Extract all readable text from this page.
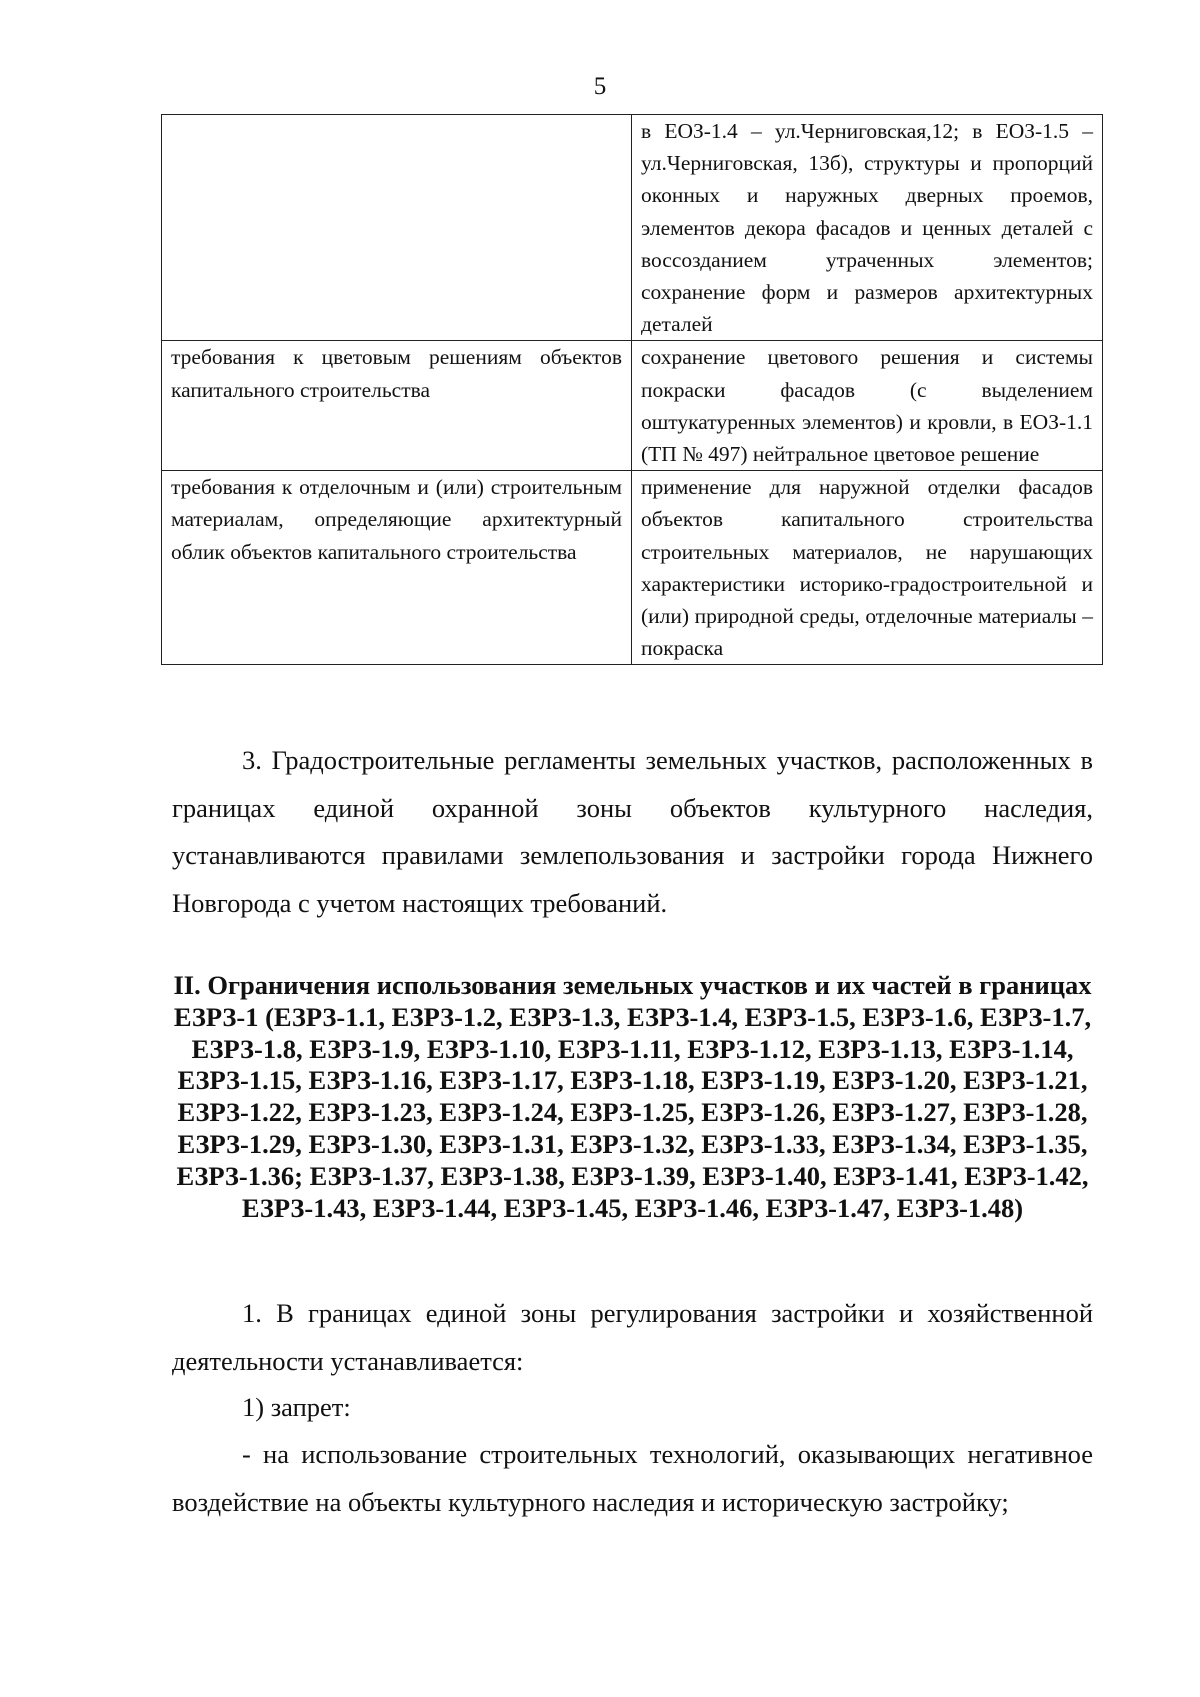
5
	в ЕОЗ-1.4 – ул.Черниговская,12; в ЕОЗ-1.5 – ул.Черниговская, 13б), структуры и пропорций оконных и наружных дверных проемов, элементов декора фасадов и ценных деталей с воссозданием утраченных элементов; сохранение форм и размеров архитектурных деталей
требования к цветовым решениям объектов капитального строительства	сохранение цветового решения и системы покраски фасадов (с выделением оштукатуренных элементов) и кровли, в ЕОЗ-1.1 (ТП № 497) нейтральное цветовое решение
требования к отделочным и (или) строительным материалам, определяющие архитектурный облик объектов капитального строительства	применение для наружной отделки фасадов объектов капитального строительства строительных материалов, не нарушающих характеристики историко-градостроительной и (или) природной среды, отделочные материалы – покраска

3. Градостроительные регламенты земельных участков, расположенных в границах единой охранной зоны объектов культурного наследия, устанавливаются правилами землепользования и застройки города Нижнего Новгорода с учетом настоящих требований.

II. Ограничения использования земельных участков и их частей в границах ЕЗРЗ-1 (ЕЗРЗ-1.1, ЕЗРЗ-1.2, ЕЗРЗ-1.3, ЕЗРЗ-1.4, ЕЗРЗ-1.5, ЕЗРЗ-1.6, ЕЗРЗ-1.7, ЕЗРЗ-1.8, ЕЗРЗ-1.9, ЕЗРЗ-1.10, ЕЗРЗ-1.11, ЕЗРЗ-1.12, ЕЗРЗ-1.13, ЕЗРЗ-1.14, ЕЗРЗ-1.15, ЕЗРЗ-1.16, ЕЗРЗ-1.17, ЕЗРЗ-1.18, ЕЗРЗ-1.19, ЕЗРЗ-1.20, ЕЗРЗ-1.21, ЕЗРЗ-1.22, ЕЗРЗ-1.23, ЕЗРЗ-1.24, ЕЗРЗ-1.25, ЕЗРЗ-1.26, ЕЗРЗ-1.27, ЕЗРЗ-1.28, ЕЗРЗ-1.29, ЕЗРЗ-1.30, ЕЗРЗ-1.31, ЕЗРЗ-1.32, ЕЗРЗ-1.33, ЕЗРЗ-1.34, ЕЗРЗ-1.35, ЕЗРЗ-1.36; ЕЗРЗ-1.37, ЕЗРЗ-1.38, ЕЗРЗ-1.39, ЕЗРЗ-1.40, ЕЗРЗ-1.41, ЕЗРЗ-1.42, ЕЗРЗ-1.43, ЕЗРЗ-1.44, ЕЗРЗ-1.45, ЕЗРЗ-1.46, ЕЗРЗ-1.47, ЕЗРЗ-1.48)

1. В границах единой зоны регулирования застройки и хозяйственной деятельности устанавливается:

1) запрет:

- на использование строительных технологий, оказывающих негативное воздействие на объекты культурного наследия и историческую застройку;
